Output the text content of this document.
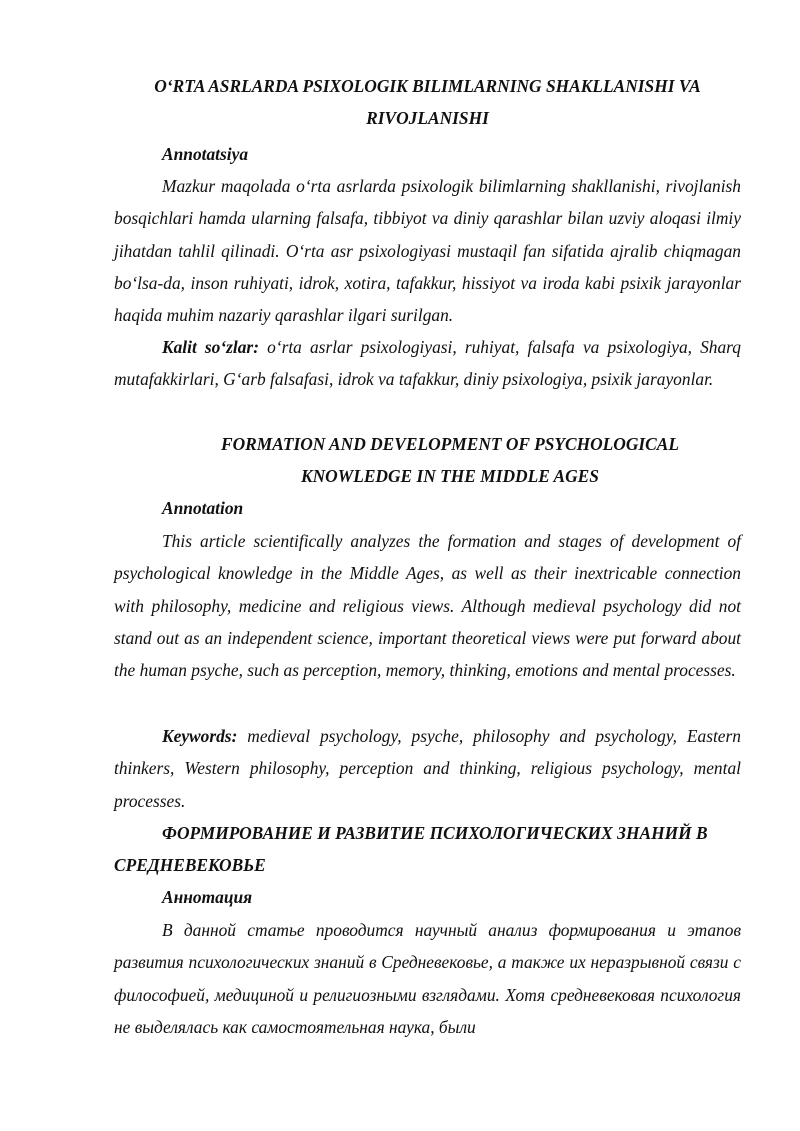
O‘RTA ASRLARDA PSIXOLOGIK BILIMLARNING SHAKLLANISHI VA RIVOJLANISHI
Annotatsiya

Mazkur maqolada o‘rta asrlarda psixologik bilimlarning shakllanishi, rivojlanish bosqichlari hamda ularning falsafa, tibbiyot va diniy qarashlar bilan uzviy aloqasi ilmiy jihatdan tahlil qilinadi. O‘rta asr psixologiyasi mustaqil fan sifatida ajralib chiqmagan bo‘lsa-da, inson ruhiyati, idrok, xotira, tafakkur, hissiyot va iroda kabi psixik jarayonlar haqida muhim nazariy qarashlar ilgari surilgan.

Kalit so‘zlar: o‘rta asrlar psixologiyasi, ruhiyat, falsafa va psixologiya, Sharq mutafakkirlari, G‘arb falsafasi, idrok va tafakkur, diniy psixologiya, psixik jarayonlar.

FORMATION AND DEVELOPMENT OF PSYCHOLOGICAL KNOWLEDGE IN THE MIDDLE AGES
Annotation

This article scientifically analyzes the formation and stages of development of psychological knowledge in the Middle Ages, as well as their inextricable connection with philosophy, medicine and religious views. Although medieval psychology did not stand out as an independent science, important theoretical views were put forward about the human psyche, such as perception, memory, thinking, emotions and mental processes.

Keywords: medieval psychology, psyche, philosophy and psychology, Eastern thinkers, Western philosophy, perception and thinking, religious psychology, mental processes.

ФОРМИРОВАНИЕ И РАЗВИТИЕ ПСИХОЛОГИЧЕСКИХ ЗНАНИЙ В СРЕДНЕВЕКОВЬЕ

Аннотация

В данной статье проводится научный анализ формирования и этапов развития психологических знаний в Средневековье, а также их неразрывной связи с философией, медициной и религиозными взглядами. Хотя средневековая психология не выделялась как самостоятельная наука, были
